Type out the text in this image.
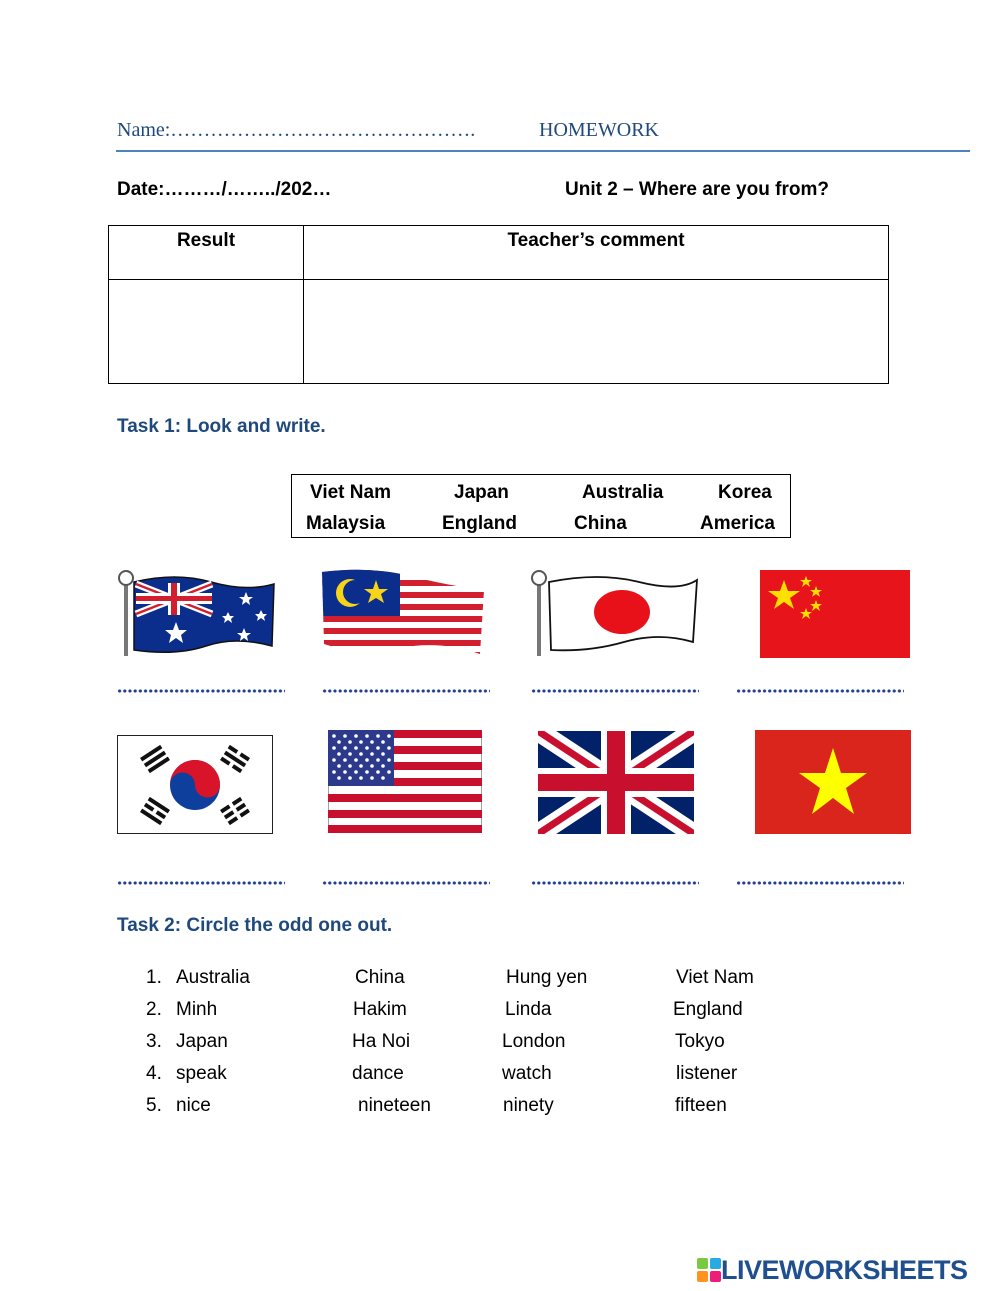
Name:……………………………………….	HOMEWORK
Date:………/……../202…	Unit 2 – Where are you from?
Result	Teacher’s comment

Task 1: Look and write.
Viet Nam	Japan	Australia	Korea
Malaysia	England	China	America
Task 2: Circle the odd one out.
1. Australia	China	Hung yen	Viet Nam
2. Minh	Hakim	Linda	England
3. Japan	Ha Noi	London	Tokyo
4. speak	dance	watch	listener
5. nice	nineteen	ninety	fifteen
LIVEWORKSHEETS
